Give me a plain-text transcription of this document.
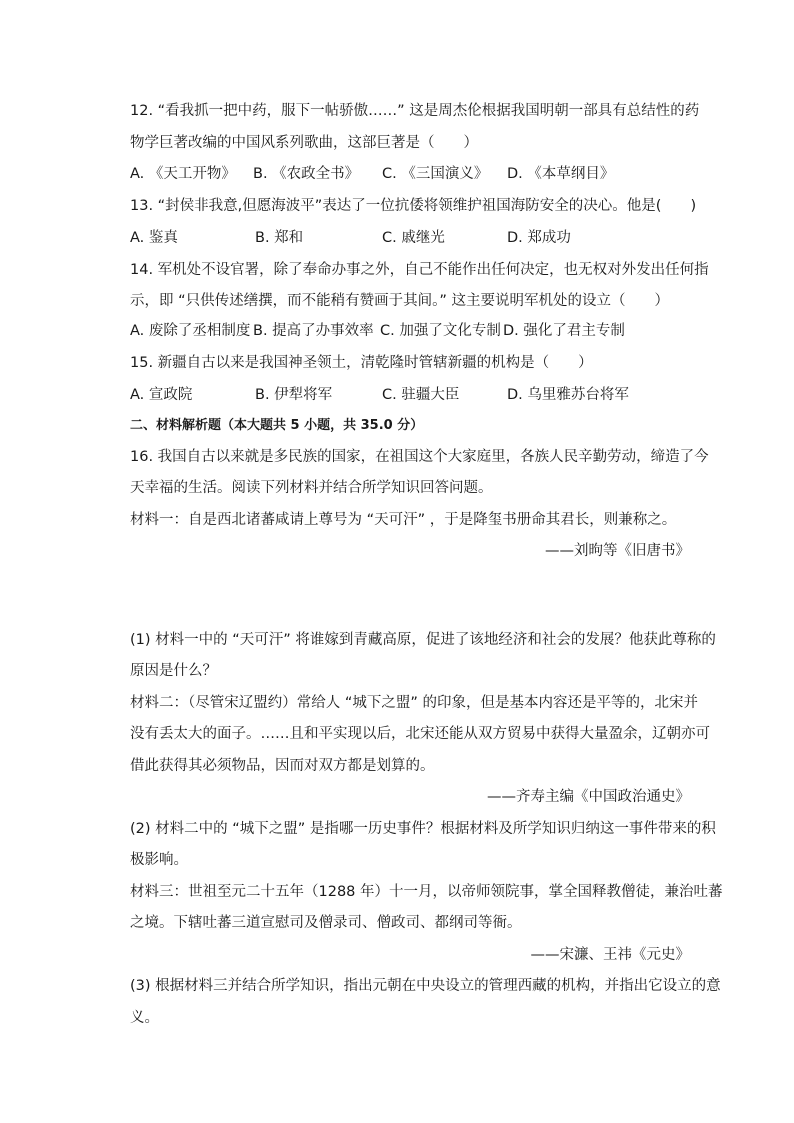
12. “看我抓一把中药，服下一帖骄傲……” 这是周杰伦根据我国明朝一部具有总结性的药
物学巨著改编的中国风系列歌曲，这部巨著是（　　）
A. 《天工开物》 B. 《农政全书》 C. 《三国演义》 D. 《本草纲目》
13. “封侯非我意,但愿海波平”表达了一位抗倭将领维护祖国海防安全的决心。他是(　　)
A. 鉴真	B. 郑和	C. 戚继光	D. 郑成功
14. 军机处不设官署，除了奉命办事之外，自己不能作出任何决定，也无权对外发出任何指
示，即 “只供传述缮撰，而不能稍有赞画于其间。” 这主要说明军机处的设立（　　）
A. 废除了丞相制度 B. 提高了办事效率 C. 加强了文化专制 D. 强化了君主专制
15. 新疆自古以来是我国神圣领土，清乾隆时管辖新疆的机构是（　　）
A. 宣政院	B. 伊犁将军	C. 驻疆大臣	D. 乌里雅苏台将军
二、材料解析题（本大题共 5 小题，共 35.0 分）
16. 我国自古以来就是多民族的国家，在祖国这个大家庭里，各族人民辛勤劳动，缔造了今
天幸福的生活。阅读下列材料并结合所学知识回答问题。
材料一：自是西北诸蕃咸请上尊号为 “天可汗” ，于是降玺书册命其君长，则兼称之。
——刘昫等《旧唐书》
(1) 材料一中的 “天可汗” 将谁嫁到青藏高原，促进了该地经济和社会的发展？他获此尊称的
原因是什么？
材料二：（尽管宋辽盟约）常给人 “城下之盟” 的印象，但是基本内容还是平等的，北宋并
没有丢太大的面子。……且和平实现以后，北宋还能从双方贸易中获得大量盈余，辽朝亦可
借此获得其必须物品，因而对双方都是划算的。
——齐寿主编《中国政治通史》
(2) 材料二中的 “城下之盟” 是指哪一历史事件？根据材料及所学知识归纳这一事件带来的积
极影响。
材料三：世祖至元二十五年（1288 年）十一月，以帝师领院事，掌全国释教僧徒，兼治吐蕃
之境。下辖吐蕃三道宣慰司及僧录司、僧政司、都纲司等衙。
——宋濂、王祎《元史》
(3) 根据材料三并结合所学知识，指出元朝在中央设立的管理西藏的机构，并指出它设立的意
义。
